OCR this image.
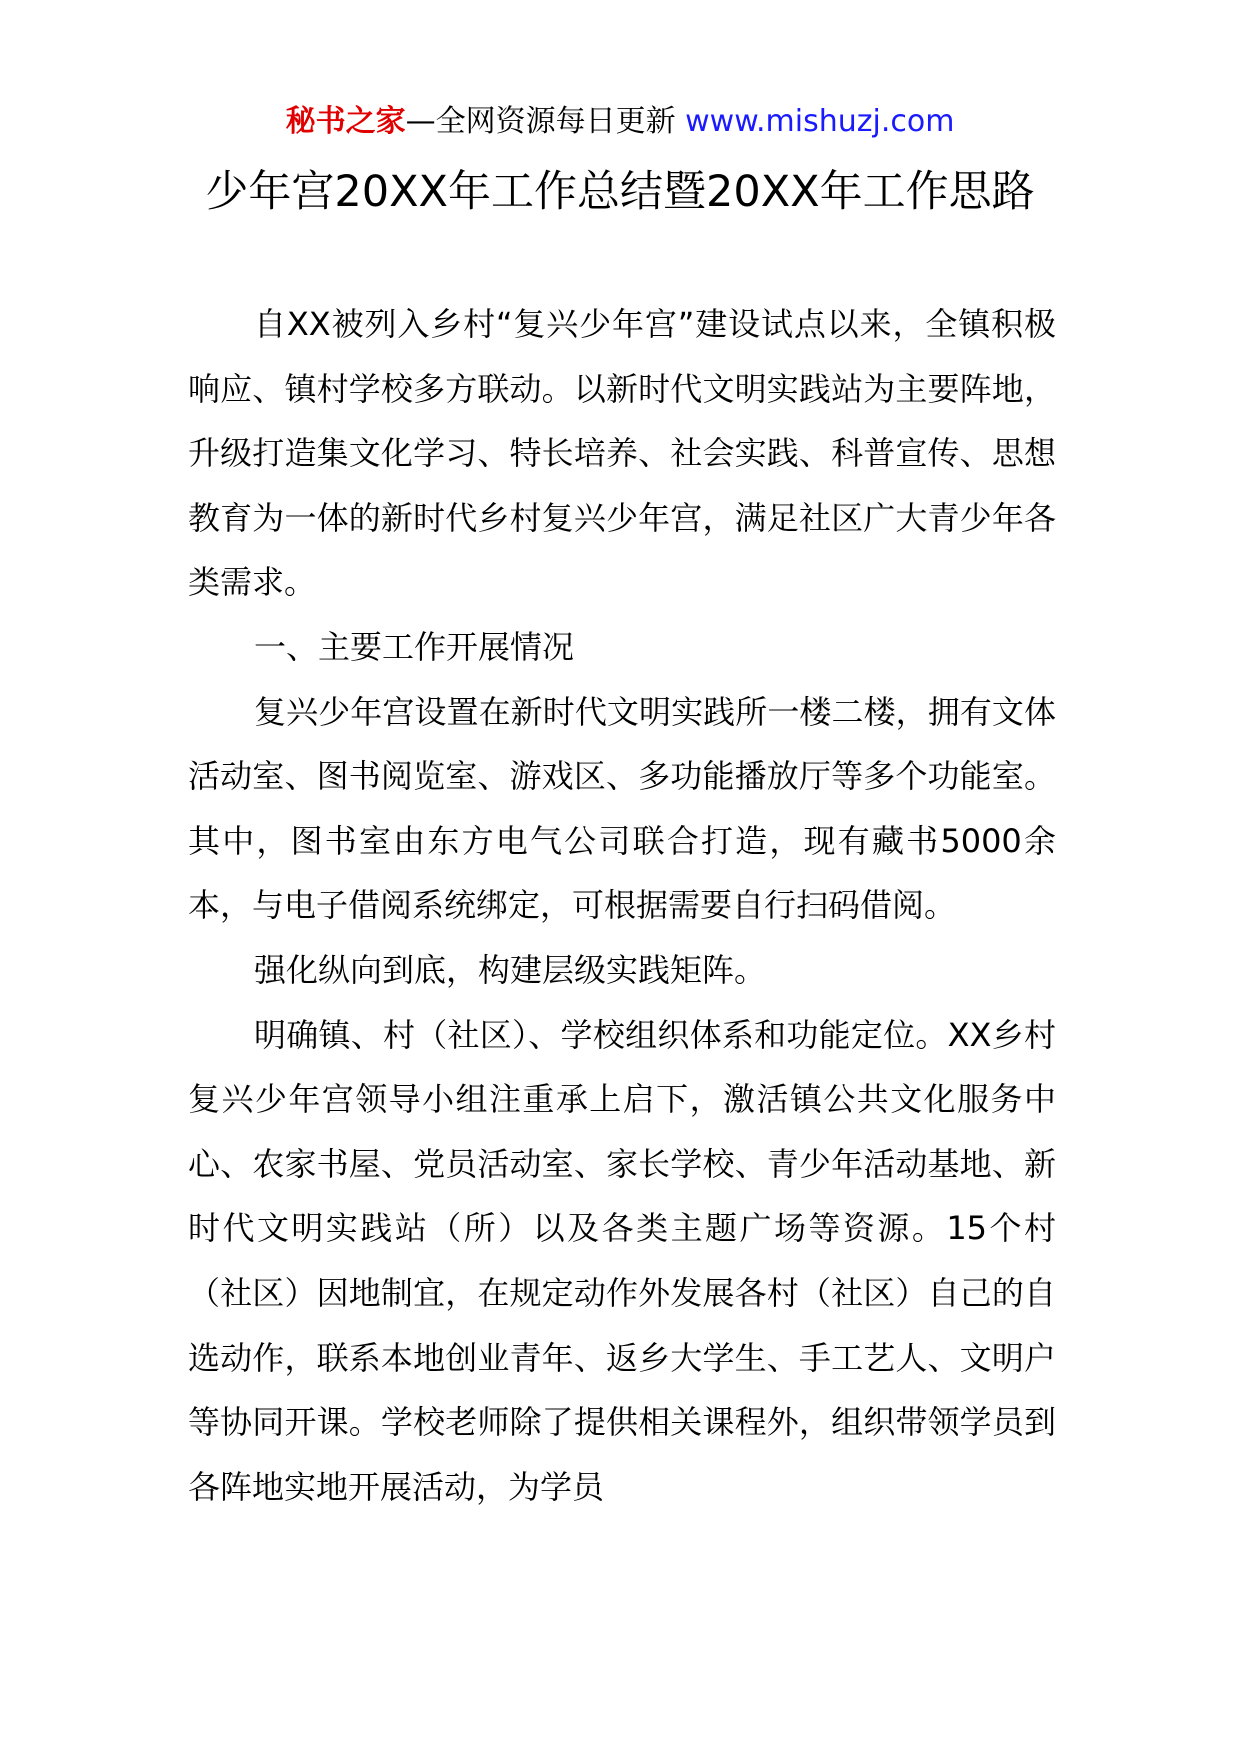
秘书之家—全网资源每日更新 www.mishuzj.com
少年宫20XX年工作总结暨20XX年工作思路

自XX被列入乡村“复兴少年宫”建设试点以来，全镇积极响应、镇村学校多方联动。以新时代文明实践站为主要阵地，升级打造集文化学习、特长培养、社会实践、科普宣传、思想教育为一体的新时代乡村复兴少年宫，满足社区广大青少年各类需求。

一、主要工作开展情况

复兴少年宫设置在新时代文明实践所一楼二楼，拥有文体活动室、图书阅览室、游戏区、多功能播放厅等多个功能室。其中，图书室由东方电气公司联合打造，现有藏书5000余本，与电子借阅系统绑定，可根据需要自行扫码借阅。

强化纵向到底，构建层级实践矩阵。

明确镇、村（社区）、学校组织体系和功能定位。XX乡村复兴少年宫领导小组注重承上启下，激活镇公共文化服务中心、农家书屋、党员活动室、家长学校、青少年活动基地、新时代文明实践站（所）以及各类主题广场等资源。15个村（社区）因地制宜，在规定动作外发展各村（社区）自己的自选动作，联系本地创业青年、返乡大学生、手工艺人、文明户等协同开课。学校老师除了提供相关课程外，组织带领学员到各阵地实地开展活动，为学员
